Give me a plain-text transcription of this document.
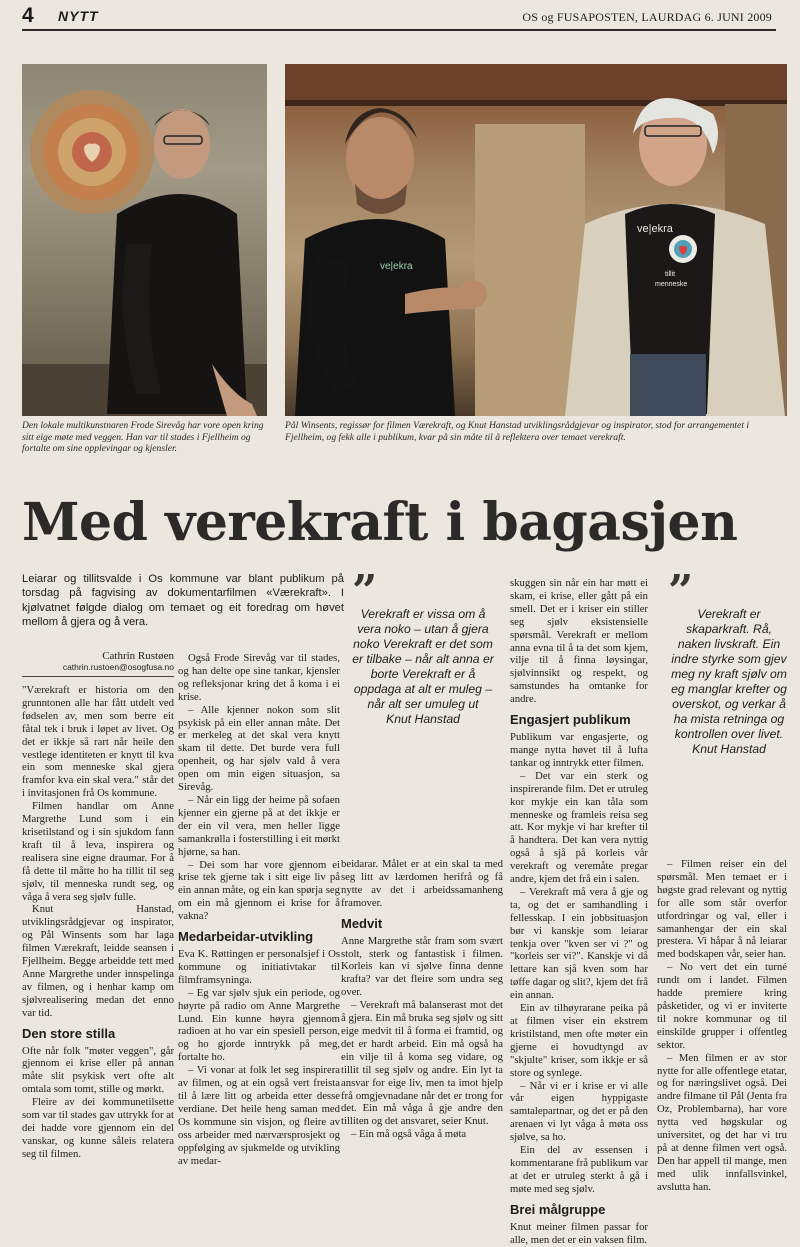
4 NYTT	OS og FUSAPOSTEN, LAURDAG 6. JUNI 2009
Den lokale multikunstnaren Frode Sirevåg har vore open kring sitt eige møte med veggen. Han var til stades i Fjellheim og fortalte om sine opplevingar og kjensler.
ve|ekra
ve|ekra
tillit
menneske
Pål Winsents, regissør for filmen Værekraft, og Knut Hanstad utviklingsrådgjevar og inspirator, stod for arrangementet i Fjellheim, og fekk alle i publikum, kvar på sin måte til å reflektera over temaet verekraft.
Med verekraft i bagasjen
Leiarar og tillitsvalde i Os kommune var blant publikum på torsdag på fagvising av dokumentarfilmen «Værekraft». I kjølvatnet følgde dialog om temaet og eit foredrag om høvet mellom å gjera og å vera.
Cathrin Rustøen
cathrin.rustoen@osogfusa.no

"Værekraft er historia om den grunntonen alle har fått utdelt ved fødselen av, men som berre eit fåtal tek i bruk i løpet av livet. Og det er ikkje så rart når heile den vestlege identiteten er knytt til kva ein som menneske skal gjera framfor kva ein skal vera." står det i invitasjonen frå Os kommune.

Filmen handlar om Anne Margrethe Lund som i ein krisetilstand og i sin sjukdom fann kraft til å leva, inspirera og realisera sine eigne draumar. For å få dette til måtte ho ha tillit til seg sjølv, til menneska rundt seg, og våga å vera seg sjølv fulle.

Knut Hanstad, utviklingsrådgjevar og inspirator, og Pål Winsents som har laga filmen Værekraft, leidde seansen i Fjellheim. Begge arbeidde tett med Anne Margrethe under innspelinga av filmen, og i henhar kamp om sjølvrealisering medan det enno var tid.

Den store stilla

Ofte når folk "møter veggen", går gjennom ei krise eller på annan måte slit psykisk vert ofte alt omtala som tomt, stille og mørkt.

Fleire av dei kommunetilsette som var til stades gav uttrykk for at dei hadde vore gjennom ein del vanskar, og kunne såleis relatera seg til filmen.

Også Frode Sirevåg var til stades, og han delte ope sine tankar, kjensler og refleksjonar kring det å koma i ei krise.

– Alle kjenner nokon som slit psykisk på ein eller annan måte. Det er merkeleg at det skal vera knytt skam til dette. Det burde vera full openheit, og har sjølv vald å vera open om min eigen situasjon, sa Sirevåg.

– Når ein ligg der heime på sofaen kjenner ein gjerne på at det ikkje er der ein vil vera, men heller ligge samankrølla i fosterstilling i eit mørkt hjørne, sa han.

– Dei som har vore gjennom ei krise tek gjerne tak i sitt eige liv på ein annan måte, og ein kan spørja seg om ein må gjennom ei krise for å vakna?

Medarbeidar-utvikling

Eva K. Røttingen er personalsjef i Os kommune og initiativtakar til filmframsyninga.

– Eg var sjølv sjuk ein periode, og høyrte på radio om Anne Margrethe Lund. Ein kunne høyra gjennom radioen at ho var ein spesiell person, og ho gjorde inntrykk på meg, fortalte ho.

– Vi vonar at folk let seg inspirera av filmen, og at ein også vert freista til å lære litt og arbeida etter desse verdiane. Det heile heng saman med Os kommune sin visjon, og fleire av oss arbeider med nærværsprosjekt og oppfølging av sjukmelde og utvikling av medar-

”
Verekraft er vissa om å vera noko – utan å gjera noko Verekraft er det som er tilbake – når alt anna er borte Verekraft er å oppdaga at alt er muleg – når alt ser umuleg ut
Knut Hanstad

beidarar. Målet er at ein skal ta med seg litt av lærdomen herifrå og få nytte av det i arbeidssamanheng framover.

Medvit

Anne Margrethe står fram som svært stolt, sterk og fantastisk i filmen. Korleis kan vi sjølve finna denne krafta? var det fleire som undra seg over.

– Verekraft må balanserast mot det å gjera. Ein må bruka seg sjølv og sitt eige medvit til å forma ei framtid, og det er hardt arbeid. Ein må også ha ein vilje til å koma seg vidare, og tillit til seg sjølv og andre. Ein lyt ta ansvar for eige liv, men ta imot hjelp frå omgjevnadane når det er trong for det. Ein må våga å gje andre den tilliten og det ansvaret, seier Knut.

– Ein må også våga å møta

skuggen sin når ein har møtt ei skam, ei krise, eller gått på ein smell. Det er i kriser ein stiller seg sjølv eksistensielle spørsmål. Verekraft er mellom anna evna til å ta det som kjem, vilje til å finna løysingar, sjølvinnsikt og respekt, og samstundes ha omtanke for andre.

Engasjert publikum

Publikum var engasjerte, og mange nytta høvet til å lufta tankar og inntrykk etter filmen.

– Det var ein sterk og inspirerande film. Det er utruleg kor mykje ein kan tåla som menneske og framleis reisa seg att. Kor mykje vi har krefter til å handtera. Det kan vera nyttig også å sjå på korleis vår verekraft og veremåte pregar andre, kjem det frå ein i salen.

– Verekraft må vera å gje og ta, og det er samhandling i fellesskap. I ein jobbsituasjon bør vi kanskje som leiarar tenkja over "kven ser vi ?" og "korleis ser vi?". Kanskje vi då lettare kan sjå kven som har tøffe dagar og slit?, kjem det frå ein annan.

Ein av tilhøyrarane peika på at filmen viser ein ekstrem kristilstand, men ofte møter ein gjerne ei hovudtyngd av "skjulte" kriser, som ikkje er så store og synlege.

– Når vi er i krise er vi alle vår eigen hyppigaste samtalepartnar, og det er på den arenaen vi lyt våga å møta oss sjølve, sa ho.

Ein del av essensen i kommentarane frå publikum var at det er utruleg sterkt å gå i møte med seg sjølv.

Brei målgruppe

Knut meiner filmen passar for alle, men det er ein vaksen film.

” Verekraft er skaparkraft. Rå, naken livskraft. Ein indre styrke som gjev meg ny kraft sjølv om eg manglar krefter og overskot, og verkar å ha mista retninga og kontrollen over livet.
Knut Hanstad

– Filmen reiser ein del spørsmål. Men temaet er i høgste grad relevant og nyttig for alle som står overfor utfordringar og val, eller i samanhengar der ein skal prestera. Vi håpar å nå leiarar med bodskapen vår, seier han.

– No vert det ein turné rundt om i landet. Filmen hadde premiere kring påsketider, og vi er inviterte til nokre kommunar og til einskilde grupper i offentleg sektor.

– Men filmen er av stor nytte for alle offentlege etatar, og for næringslivet også. Dei andre filmane til Pål (Jenta fra Oz, Problembarna), har vore nytta ved høgskular og universitet, og det har vi tru på at denne filmen vert også. Den har appell til mange, men med ulik innfallsvinkel, avslutta han.
